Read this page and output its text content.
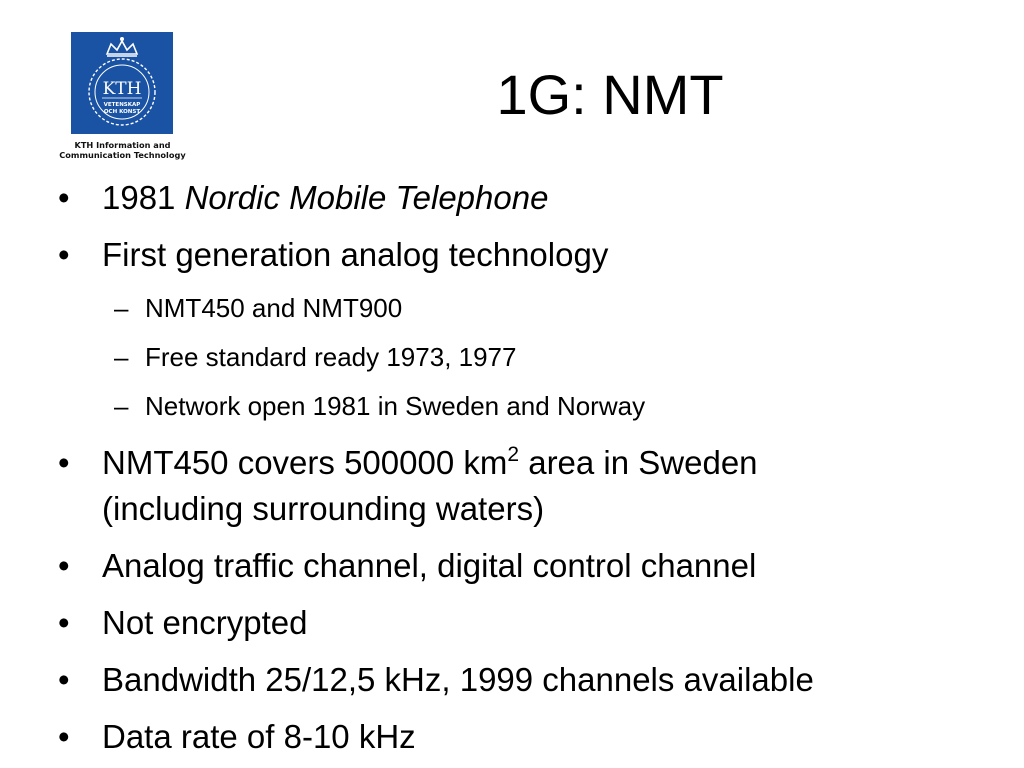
KTH
VETENSKAP
OCH KONST
KTH Information and
Communication Technology
1G: NMT
• 1981 Nordic Mobile Telephone
• First generation analog technology
– NMT450 and NMT900
– Free standard ready 1973, 1977
– Network open 1981 in Sweden and Norway
• NMT450 covers 500000 $km^2$ area in Sweden
(including surrounding waters)
• Analog traffic channel, digital control channel
• Not encrypted
• Bandwidth 25/12,5 kHz, 1999 channels available
• Data rate of 8-10 kHz
